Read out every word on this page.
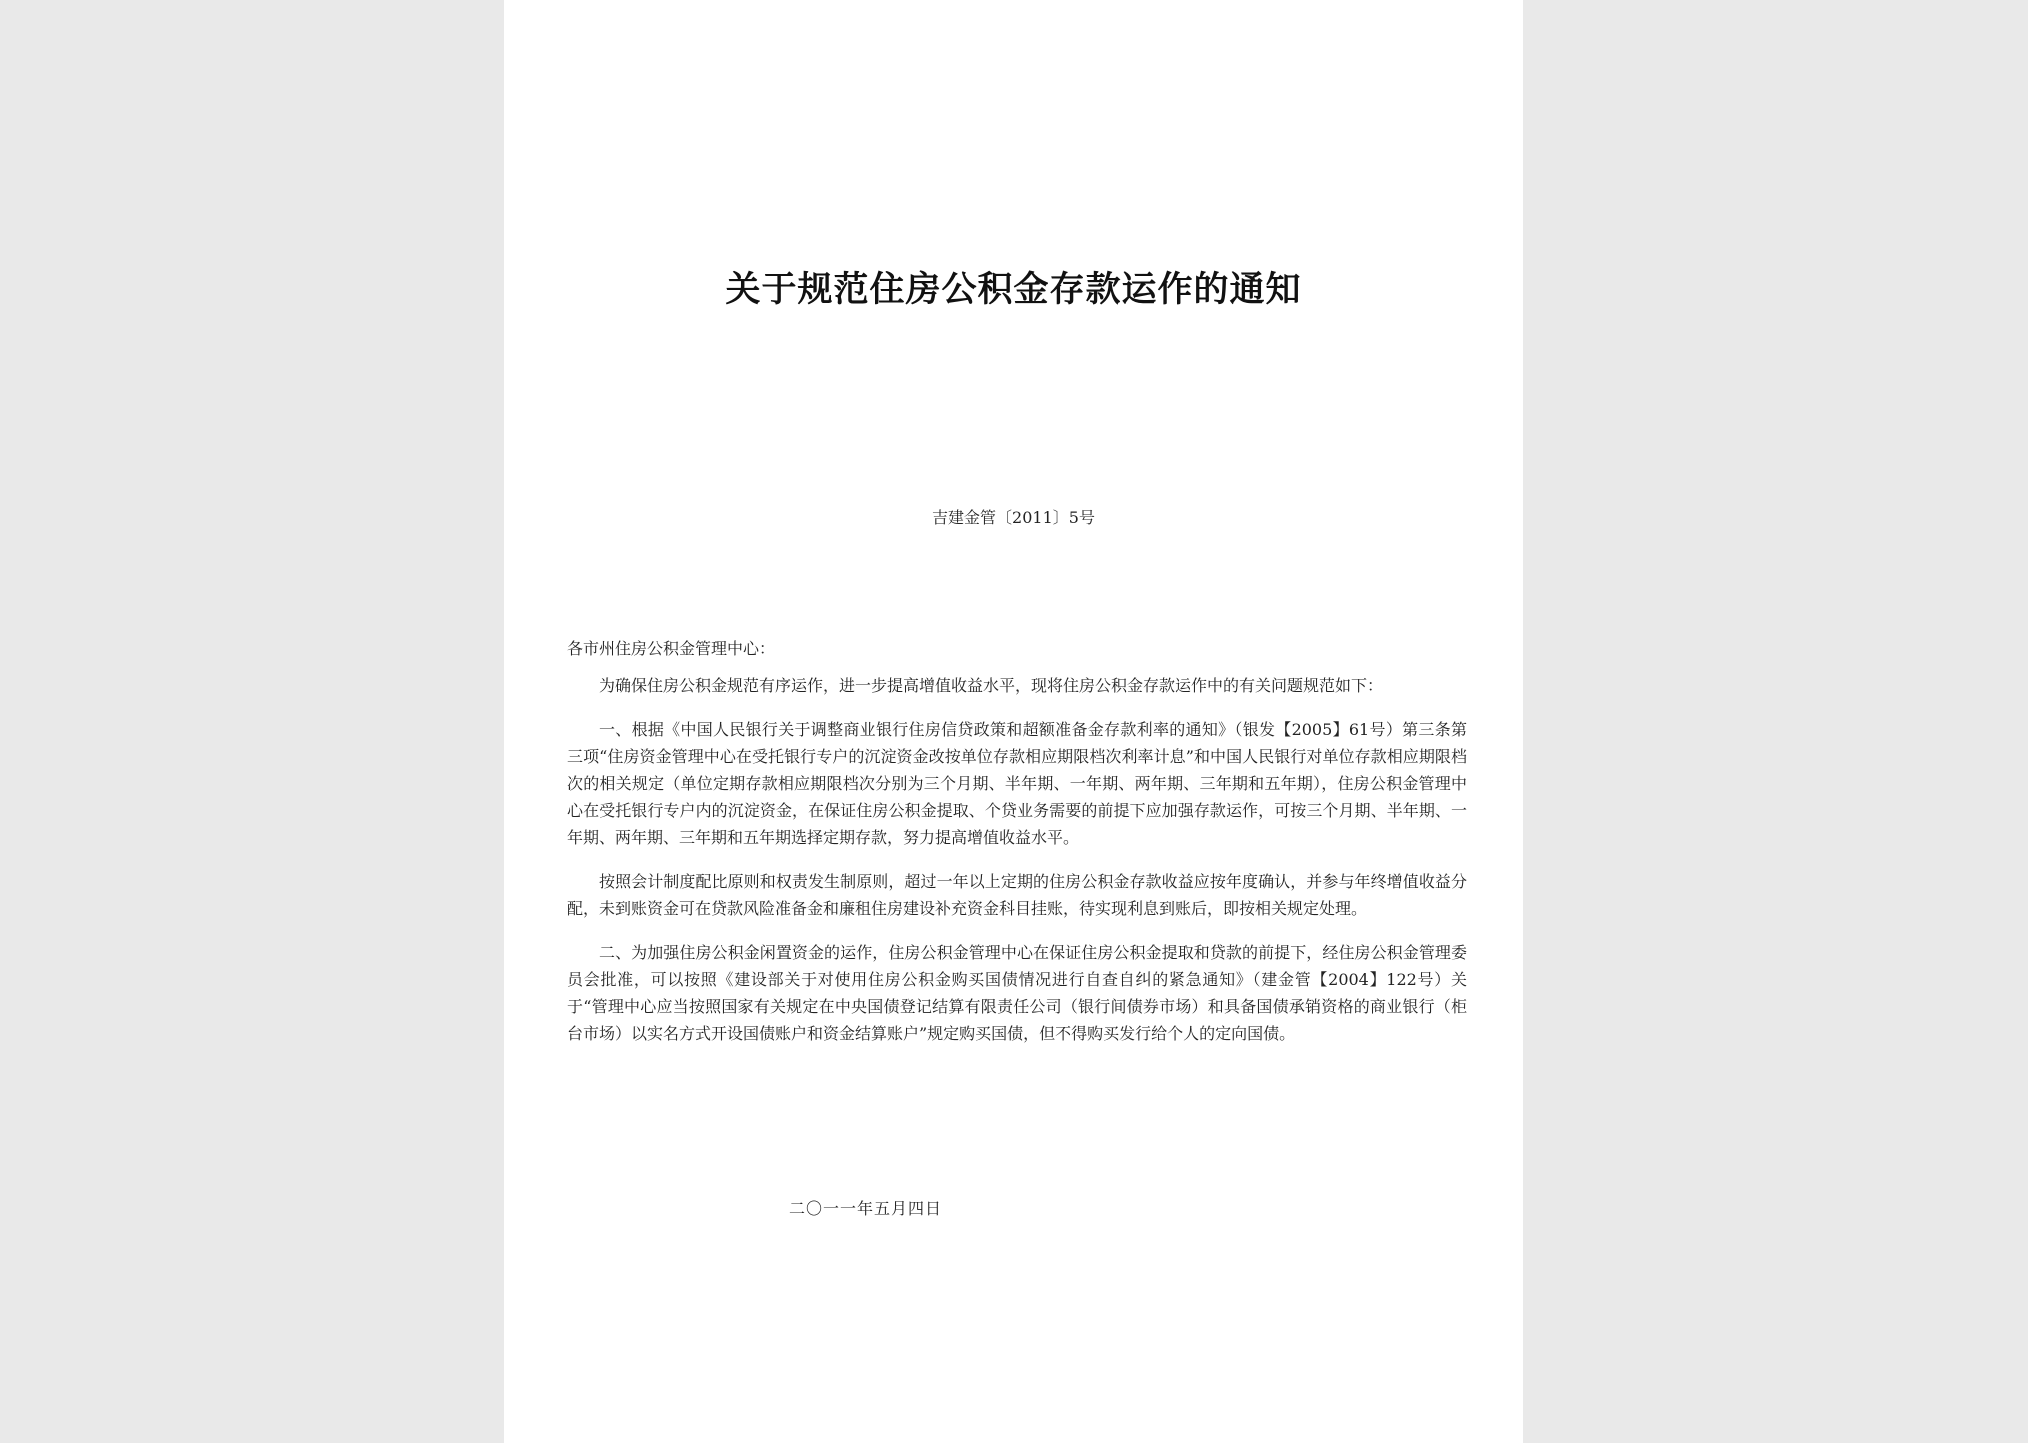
关于规范住房公积金存款运作的通知
吉建金管〔2011〕5号
各市州住房公积金管理中心：

为确保住房公积金规范有序运作，进一步提高增值收益水平，现将住房公积金存款运作中的有关问题规范如下：

一、根据《中国人民银行关于调整商业银行住房信贷政策和超额准备金存款利率的通知》（银发【2005】61号）第三条第三项“住房资金管理中心在受托银行专户的沉淀资金改按单位存款相应期限档次利率计息”和中国人民银行对单位存款相应期限档次的相关规定（单位定期存款相应期限档次分别为三个月期、半年期、一年期、两年期、三年期和五年期），住房公积金管理中心在受托银行专户内的沉淀资金，在保证住房公积金提取、个贷业务需要的前提下应加强存款运作，可按三个月期、半年期、一年期、两年期、三年期和五年期选择定期存款，努力提高增值收益水平。

按照会计制度配比原则和权责发生制原则，超过一年以上定期的住房公积金存款收益应按年度确认，并参与年终增值收益分配，未到账资金可在贷款风险准备金和廉租住房建设补充资金科目挂账，待实现利息到账后，即按相关规定处理。

二、为加强住房公积金闲置资金的运作，住房公积金管理中心在保证住房公积金提取和贷款的前提下，经住房公积金管理委员会批准，可以按照《建设部关于对使用住房公积金购买国债情况进行自查自纠的紧急通知》（建金管【2004】122号）关于“管理中心应当按照国家有关规定在中央国债登记结算有限责任公司（银行间债券市场）和具备国债承销资格的商业银行（柜台市场）以实名方式开设国债账户和资金结算账户”规定购买国债，但不得购买发行给个人的定向国债。

二〇一一年五月四日
